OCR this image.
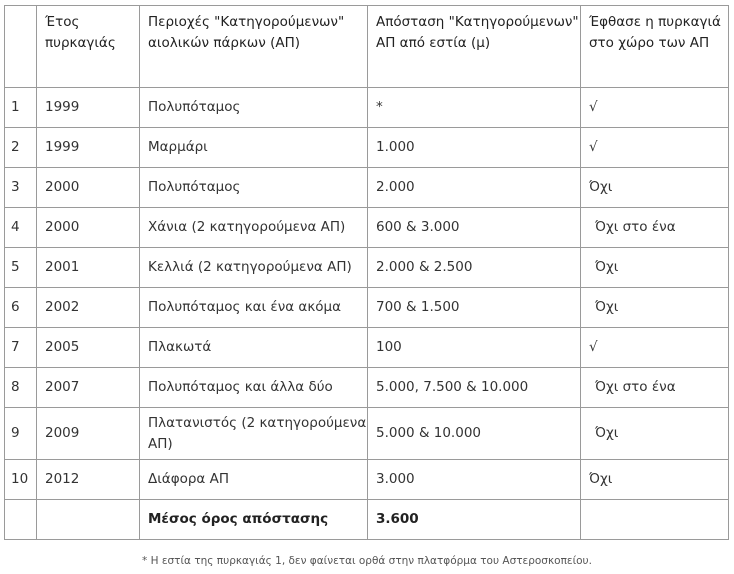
	Έτος πυρκαγιάς	Περιοχές "Κατηγορούμενων" αιολικών πάρκων (ΑΠ)	Απόσταση "Κατηγορούμενων" ΑΠ από εστία (μ)	Έφθασε η πυρκαγιά στο χώρο των ΑΠ
1	1999	Πολυπόταμος	*	√
2	1999	Μαρμάρι	1.000	√
3	2000	Πολυπόταμος	2.000	Όχι
4	2000	Χάνια (2 κατηγορούμενα ΑΠ)	600 & 3.000	Όχι στο ένα
5	2001	Κελλιά (2 κατηγορούμενα ΑΠ)	2.000 & 2.500	Όχι
6	2002	Πολυπόταμος και ένα ακόμα	700 & 1.500	Όχι
7	2005	Πλακωτά	100	√
8	2007	Πολυπόταμος και άλλα δύο	5.000, 7.500 & 10.000	Όχι στο ένα
9	2009	Πλατανιστός (2 κατηγορούμενα ΑΠ)	5.000 & 10.000	Όχι
10	2012	Διάφορα ΑΠ	3.000	Όχι
		Μέσος όρος απόστασης	3.600	
* Η εστία της πυρκαγιάς 1, δεν φαίνεται ορθά στην πλατφόρμα του Αστεροσκοπείου.
